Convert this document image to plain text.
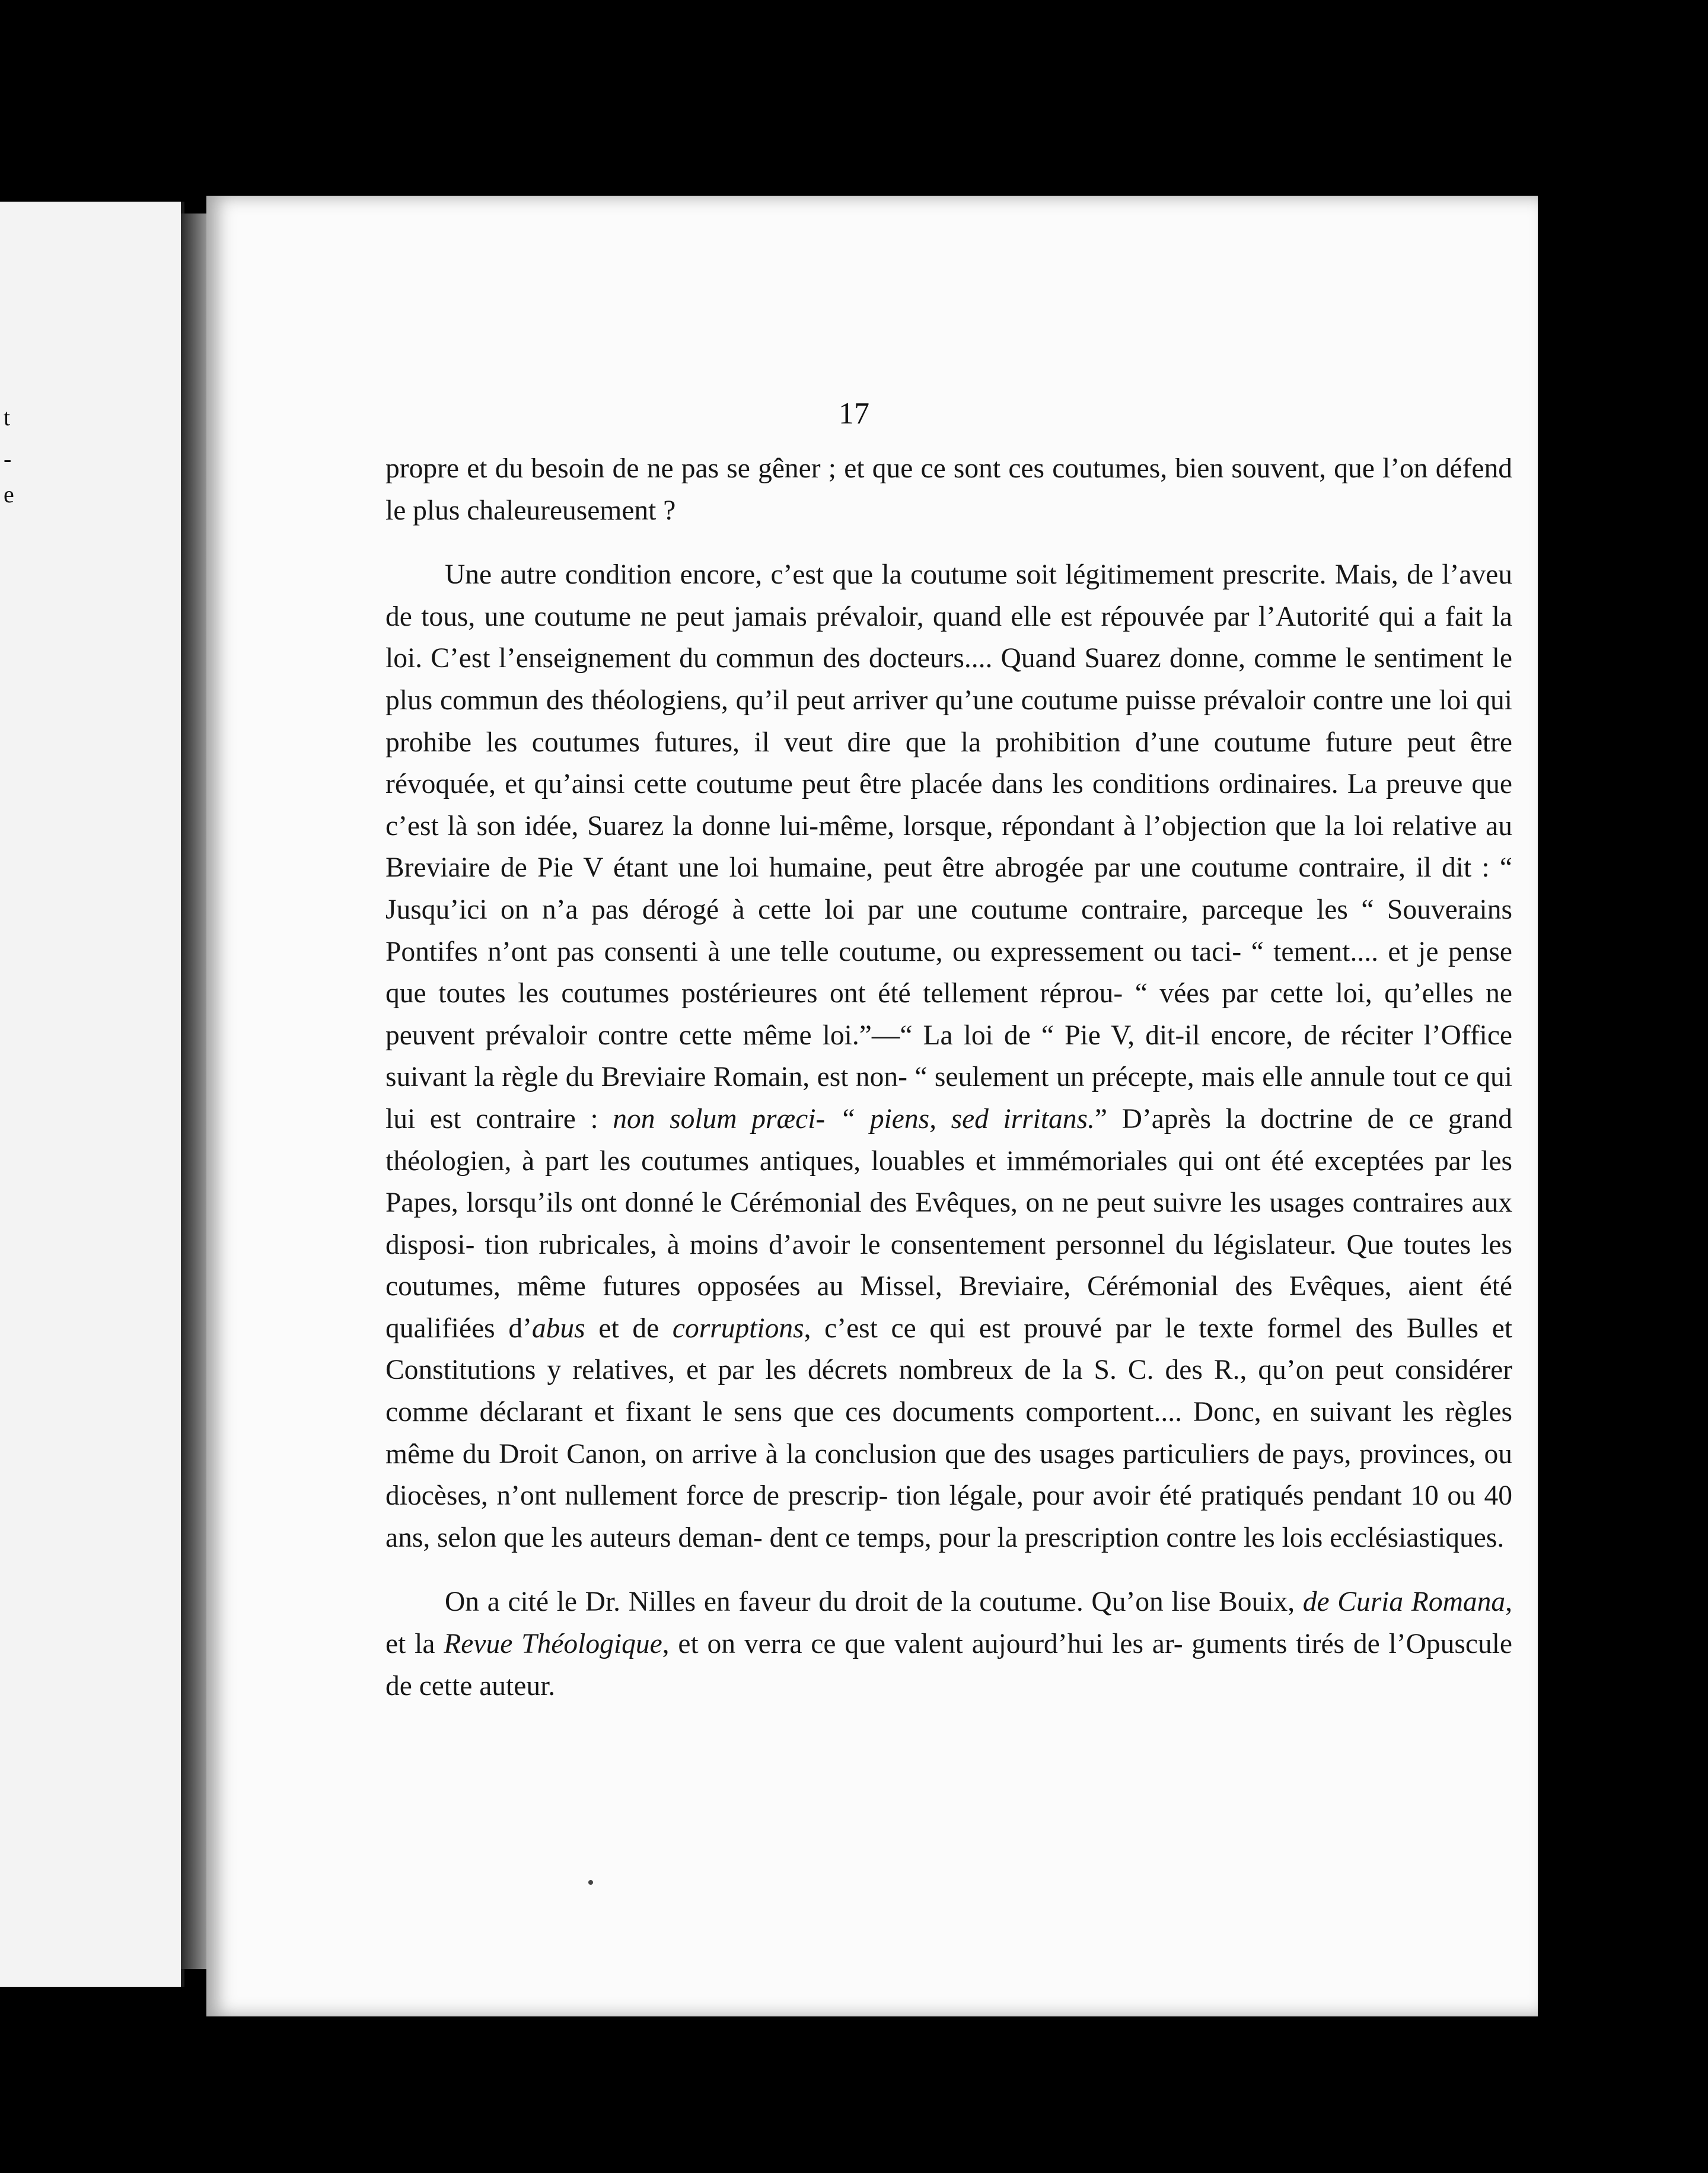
t
-
e
17

propre et du besoin de ne pas se gêner ; et que ce sont ces coutumes, bien souvent, que l’on défend le plus chaleureusement ?

Une autre condition encore, c’est que la coutume soit légitimement prescrite. Mais, de l’aveu de tous, une coutume ne peut jamais prévaloir, quand elle est répouvée par l’Autorité qui a fait la loi. C’est l’enseignement du commun des docteurs.... Quand Suarez donne, comme le sentiment le plus commun des théologiens, qu’il peut arriver qu’une coutume puisse prévaloir contre une loi qui prohibe les coutumes futures, il veut dire que la prohibition d’une coutume future peut être révoquée, et qu’ainsi cette coutume peut être placée dans les conditions ordinaires. La preuve que c’est là son idée, Suarez la donne lui-même, lorsque, répondant à l’objection que la loi relative au Breviaire de Pie V étant une loi humaine, peut être abrogée par une coutume contraire, il dit : “ Jusqu’ici on n’a pas dérogé à cette loi par une coutume contraire, parceque les “ Souverains Pontifes n’ont pas consenti à une telle coutume, ou expressement ou taci- “ tement.... et je pense que toutes les coutumes postérieures ont été tellement réprou- “ vées par cette loi, qu’elles ne peuvent prévaloir contre cette même loi.”—“ La loi de “ Pie V, dit-il encore, de réciter l’Office suivant la règle du Breviaire Romain, est non- “ seulement un précepte, mais elle annule tout ce qui lui est contraire : non solum præci- “ piens, sed irritans.” D’après la doctrine de ce grand théologien, à part les coutumes antiques, louables et immémoriales qui ont été exceptées par les Papes, lorsqu’ils ont donné le Cérémonial des Evêques, on ne peut suivre les usages contraires aux disposi- tion rubricales, à moins d’avoir le consentement personnel du législateur. Que toutes les coutumes, même futures opposées au Missel, Breviaire, Cérémonial des Evêques, aient été qualifiées d’abus et de corruptions, c’est ce qui est prouvé par le texte formel des Bulles et Constitutions y relatives, et par les décrets nombreux de la S. C. des R., qu’on peut considérer comme déclarant et fixant le sens que ces documents comportent.... Donc, en suivant les règles même du Droit Canon, on arrive à la conclusion que des usages particuliers de pays, provinces, ou diocèses, n’ont nullement force de prescrip- tion légale, pour avoir été pratiqués pendant 10 ou 40 ans, selon que les auteurs deman- dent ce temps, pour la prescription contre les lois ecclésiastiques.

On a cité le Dr. Nilles en faveur du droit de la coutume. Qu’on lise Bouix, de Curia Romana, et la Revue Théologique, et on verra ce que valent aujourd’hui les ar- guments tirés de l’Opuscule de cette auteur.
